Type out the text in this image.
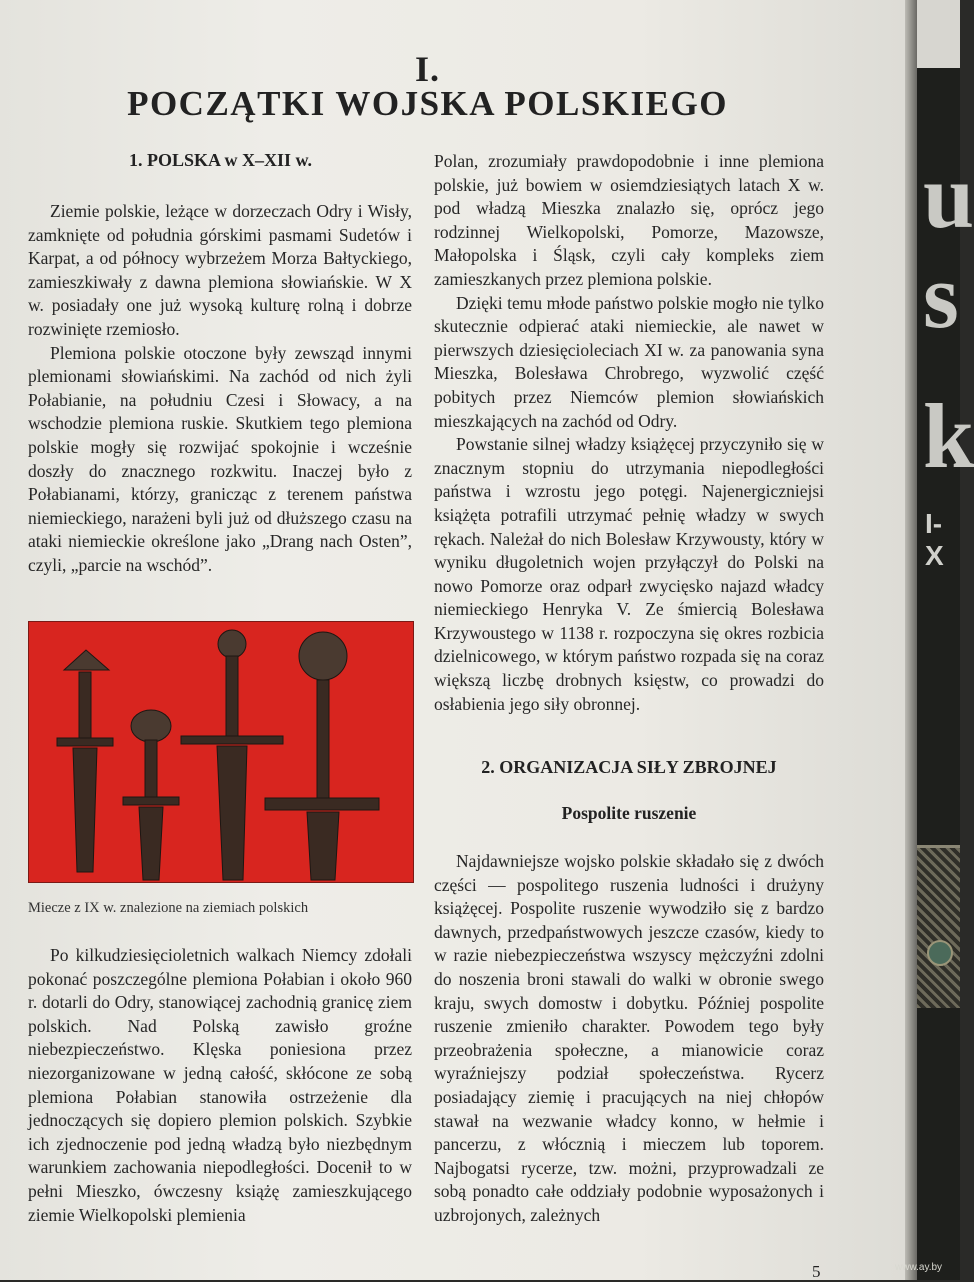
I.
POCZĄTKI WOJSKA POLSKIEGO
1. POLSKA w X–XII w.

Ziemie polskie, leżące w dorzeczach Odry i Wisły, zamknięte od południa górskimi pasmami Sudetów i Karpat, a od północy wybrzeżem Morza Bałtyckiego, zamieszkiwały z dawna plemiona słowiańskie. W X w. posiadały one już wysoką kulturę rolną i dobrze rozwinięte rzemiosło.

Plemiona polskie otoczone były zewsząd innymi plemionami słowiańskimi. Na zachód od nich żyli Połabianie, na południu Czesi i Słowacy, a na wschodzie plemiona ruskie. Skutkiem tego plemiona polskie mogły się rozwijać spokojnie i wcześnie doszły do znacznego rozkwitu. Inaczej było z Połabianami, którzy, granicząc z terenem państwa niemieckiego, narażeni byli już od dłuższego czasu na ataki niemieckie określone jako „Drang nach Osten”, czyli, „parcie na wschód”.

Miecze z IX w. znalezione na ziemiach polskich

Po kilkudziesięcioletnich walkach Niemcy zdołali pokonać poszczególne plemiona Połabian i około 960 r. dotarli do Odry, stanowiącej zachodnią granicę ziem polskich. Nad Polską zawisło groźne niebezpieczeństwo. Klęska poniesiona przez niezorganizowane w jedną całość, skłócone ze sobą plemiona Połabian stanowiła ostrzeżenie dla jednoczących się dopiero plemion polskich. Szybkie ich zjednoczenie pod jedną władzą było niezbędnym warunkiem zachowania niepodległości. Docenił to w pełni Mieszko, ówczesny książę zamieszkującego ziemie Wielkopolski plemienia

Polan, zrozumiały prawdopodobnie i inne plemiona polskie, już bowiem w osiemdziesiątych latach X w. pod władzą Mieszka znalazło się, oprócz jego rodzinnej Wielkopolski, Pomorze, Mazowsze, Małopolska i Śląsk, czyli cały kompleks ziem zamieszkanych przez plemiona polskie.

Dzięki temu młode państwo polskie mogło nie tylko skutecznie odpierać ataki niemieckie, ale nawet w pierwszych dziesięcioleciach XI w. za panowania syna Mieszka, Bolesława Chrobrego, wyzwolić część pobitych przez Niemców plemion słowiańskich mieszkających na zachód od Odry.

Powstanie silnej władzy książęcej przyczyniło się w znacznym stopniu do utrzymania niepodległości państwa i wzrostu jego potęgi. Najenergiczniejsi książęta potrafili utrzymać pełnię władzy w swych rękach. Należał do nich Bolesław Krzywousty, który w wyniku długoletnich wojen przyłączył do Polski na nowo Pomorze oraz odparł zwycięsko najazd władcy niemieckiego Henryka V. Ze śmiercią Bolesława Krzywoustego w 1138 r. rozpoczyna się okres rozbicia dzielnicowego, w którym państwo rozpada się na coraz większą liczbę drobnych księstw, co prowadzi do osłabienia jego siły obronnej.

2. ORGANIZACJA SIŁY ZBROJNEJ
Pospolite ruszenie

Najdawniejsze wojsko polskie składało się z dwóch części — pospolitego ruszenia ludności i drużyny książęcej. Pospolite ruszenie wywodziło się z bardzo dawnych, przedpaństwowych jeszcze czasów, kiedy to w razie niebezpieczeństwa wszyscy mężczyźni zdolni do noszenia broni stawali do walki w obronie swego kraju, swych domostw i dobytku. Później pospolite ruszenie zmieniło charakter. Powodem tego były przeobrażenia społeczne, a mianowicie coraz wyraźniejszy podział społeczeństwa. Rycerz posiadający ziemię i pracujących na niej chłopów stawał na wezwanie władcy konno, w hełmie i pancerzu, z włócznią i mieczem lub toporem. Najbogatsi rycerze, tzw. możni, przyprowadzali ze sobą ponadto całe oddziały podobnie wyposażonych i uzbrojonych, zależnych

5
u
s
k
I-X
www.ay.by
